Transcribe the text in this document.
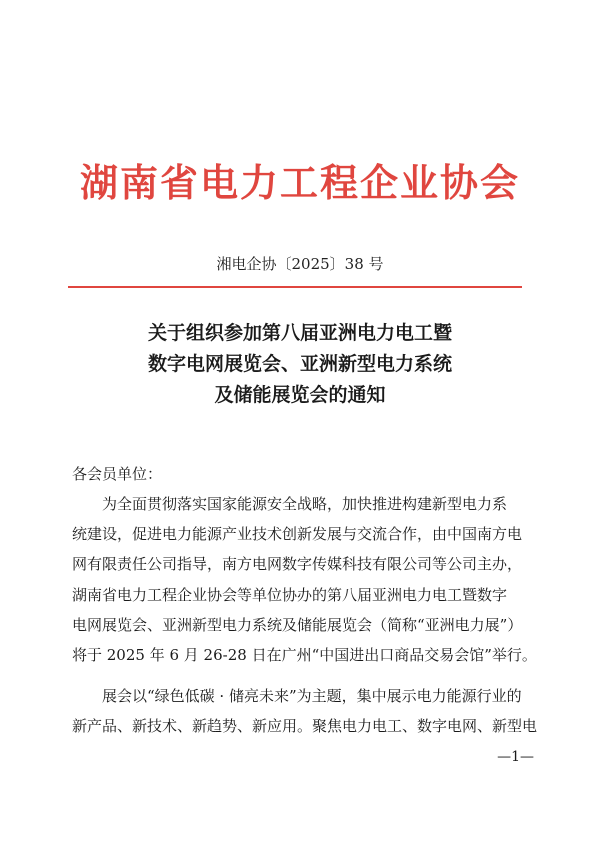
湖南省电力工程企业协会
湘电企协〔2025〕38 号
关于组织参加第八届亚洲电力电工暨
数字电网展览会、亚洲新型电力系统
及储能展览会的通知
各会员单位：
为全面贯彻落实国家能源安全战略，加快推进构建新型电力系
统建设，促进电力能源产业技术创新发展与交流合作，由中国南方电
网有限责任公司指导，南方电网数字传媒科技有限公司等公司主办，
湖南省电力工程企业协会等单位协办的第八届亚洲电力电工暨数字
电网展览会、亚洲新型电力系统及储能展览会（简称“亚洲电力展”）
将于 2025 年 6 月 26-28 日在广州“中国进出口商品交易会馆”举行。
展会以“绿色低碳 · 储亮未来”为主题，集中展示电力能源行业的
新产品、新技术、新趋势、新应用。聚焦电力电工、数字电网、新型电
—1—
